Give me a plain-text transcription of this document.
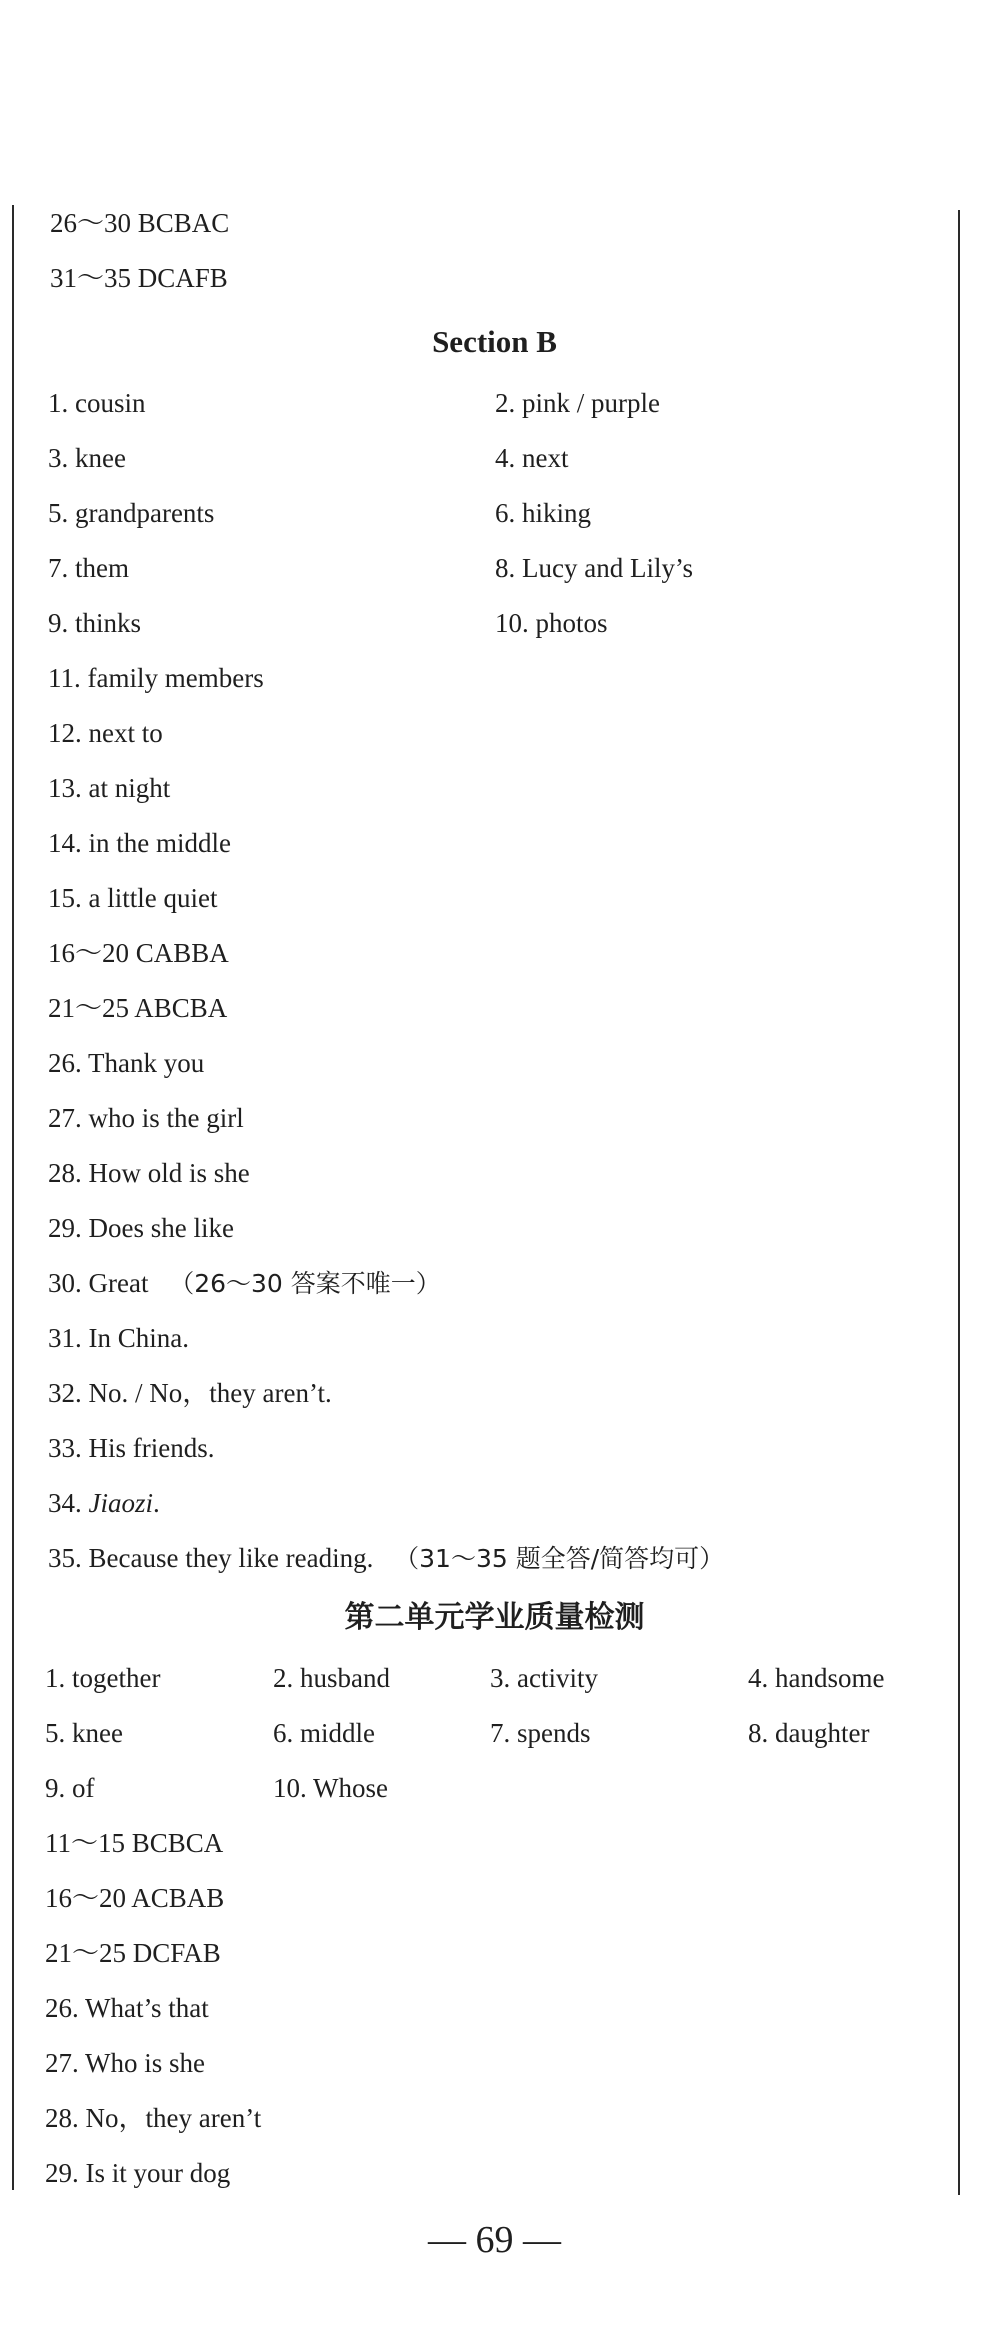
26～30 BCBAC
31～35 DCAFB
Section B
1. cousin	2. pink / purple
3. knee	4. next
5. grandparents	6. hiking
7. them	8. Lucy and Lily’s
9. thinks	10. photos
11. family members
12. next to
13. at night
14. in the middle
15. a little quiet
16～20 CABBA
21～25 ABCBA
26. Thank you
27. who is the girl
28. How old is she
29. Does she like
30. Great （26～30 答案不唯一）
31. In China.
32. No. / No，they aren’t.
33. His friends.
34. Jiaozi.
35. Because they like reading. （31～35 题全答/简答均可）
第二单元学业质量检测
1. together	2. husband	3. activity	4. handsome
5. knee	6. middle	7. spends	8. daughter
9. of	10. Whose
11～15 BCBCA
16～20 ACBAB
21～25 DCFAB
26. What’s that
27. Who is she
28. No，they aren’t
29. Is it your dog
— 69 —
